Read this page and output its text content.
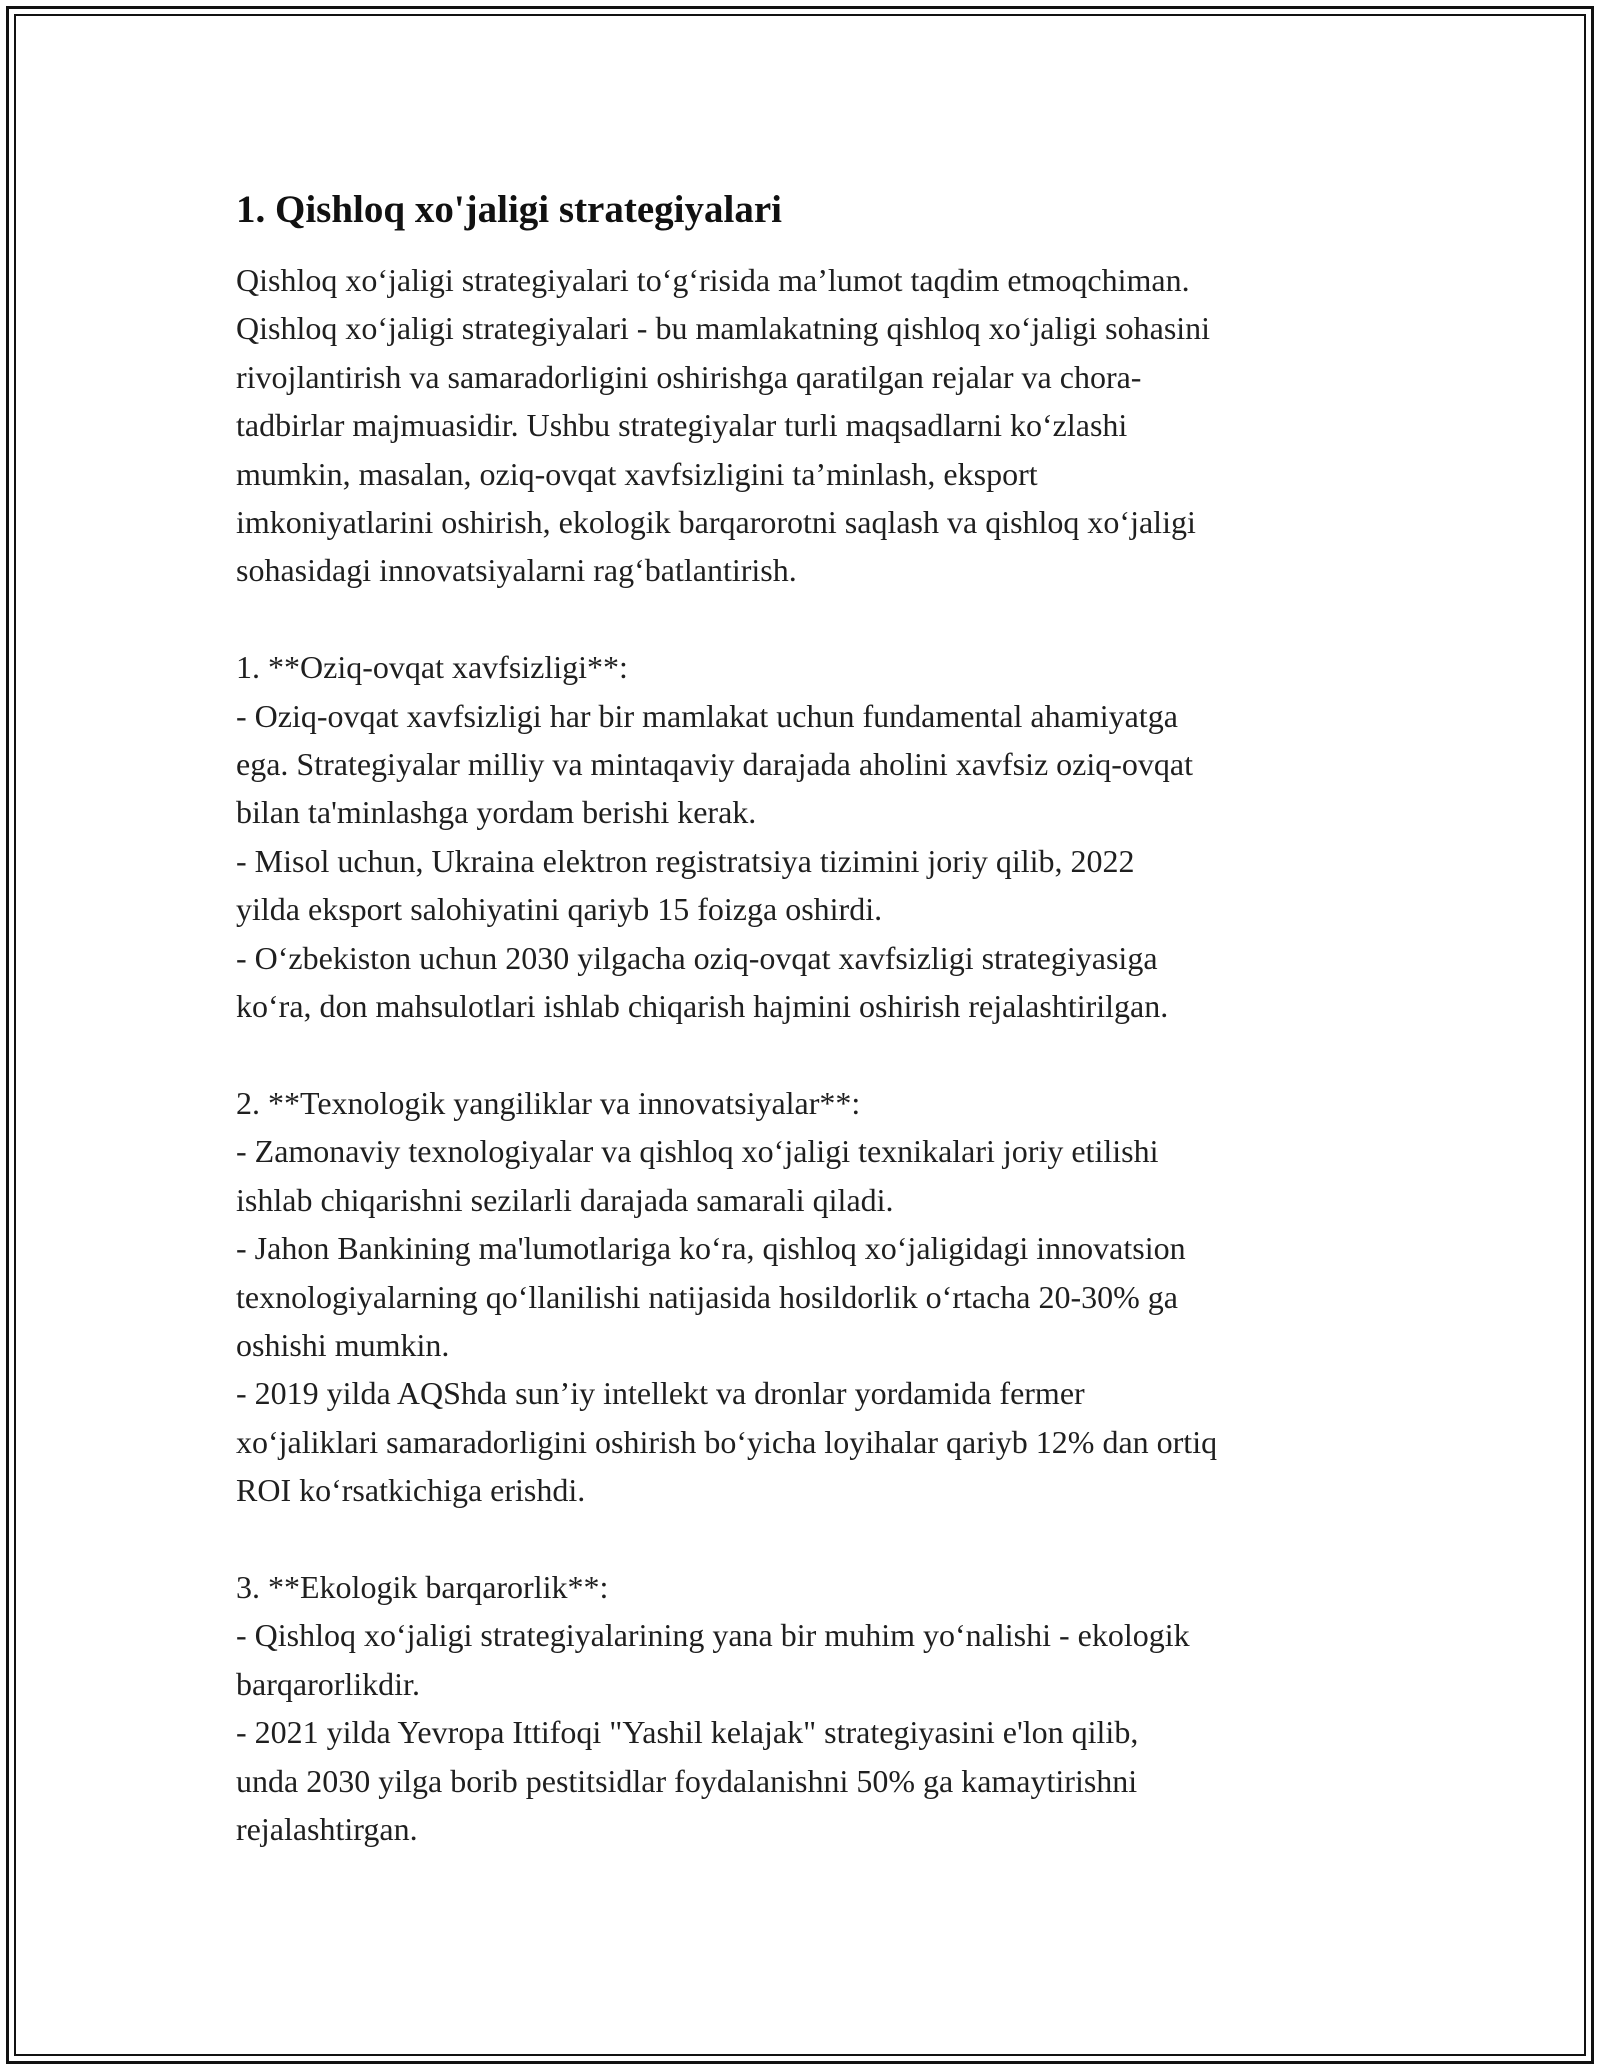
1. Qishloq xo'jaligi strategiyalari

Qishloq xo‘jaligi strategiyalari to‘g‘risida ma’lumot taqdim etmoqchiman.
Qishloq xo‘jaligi strategiyalari - bu mamlakatning qishloq xo‘jaligi sohasini
rivojlantirish va samaradorligini oshirishga qaratilgan rejalar va chora-
tadbirlar majmuasidir. Ushbu strategiyalar turli maqsadlarni ko‘zlashi
mumkin, masalan, oziq-ovqat xavfsizligini ta’minlash, eksport
imkoniyatlarini oshirish, ekologik barqarorotni saqlash va qishloq xo‘jaligi
sohasidagi innovatsiyalarni rag‘batlantirish.

1. **Oziq-ovqat xavfsizligi**:

- Oziq-ovqat xavfsizligi har bir mamlakat uchun fundamental ahamiyatga
ega. Strategiyalar milliy va mintaqaviy darajada aholini xavfsiz oziq-ovqat
bilan ta'minlashga yordam berishi kerak.

- Misol uchun, Ukraina elektron registratsiya tizimini joriy qilib, 2022
yilda eksport salohiyatini qariyb 15 foizga oshirdi.

- O‘zbekiston uchun 2030 yilgacha oziq-ovqat xavfsizligi strategiyasiga
ko‘ra, don mahsulotlari ishlab chiqarish hajmini oshirish rejalashtirilgan.

2. **Texnologik yangiliklar va innovatsiyalar**:

- Zamonaviy texnologiyalar va qishloq xo‘jaligi texnikalari joriy etilishi
ishlab chiqarishni sezilarli darajada samarali qiladi.

- Jahon Bankining ma'lumotlariga ko‘ra, qishloq xo‘jaligidagi innovatsion
texnologiyalarning qo‘llanilishi natijasida hosildorlik o‘rtacha 20-30% ga
oshishi mumkin.

- 2019 yilda AQShda sun’iy intellekt va dronlar yordamida fermer
xo‘jaliklari samaradorligini oshirish bo‘yicha loyihalar qariyb 12% dan ortiq
ROI ko‘rsatkichiga erishdi.

3. **Ekologik barqarorlik**:

- Qishloq xo‘jaligi strategiyalarining yana bir muhim yo‘nalishi - ekologik
barqarorlikdir.

- 2021 yilda Yevropa Ittifoqi "Yashil kelajak" strategiyasini e'lon qilib,
unda 2030 yilga borib pestitsidlar foydalanishni 50% ga kamaytirishni
rejalashtirgan.
